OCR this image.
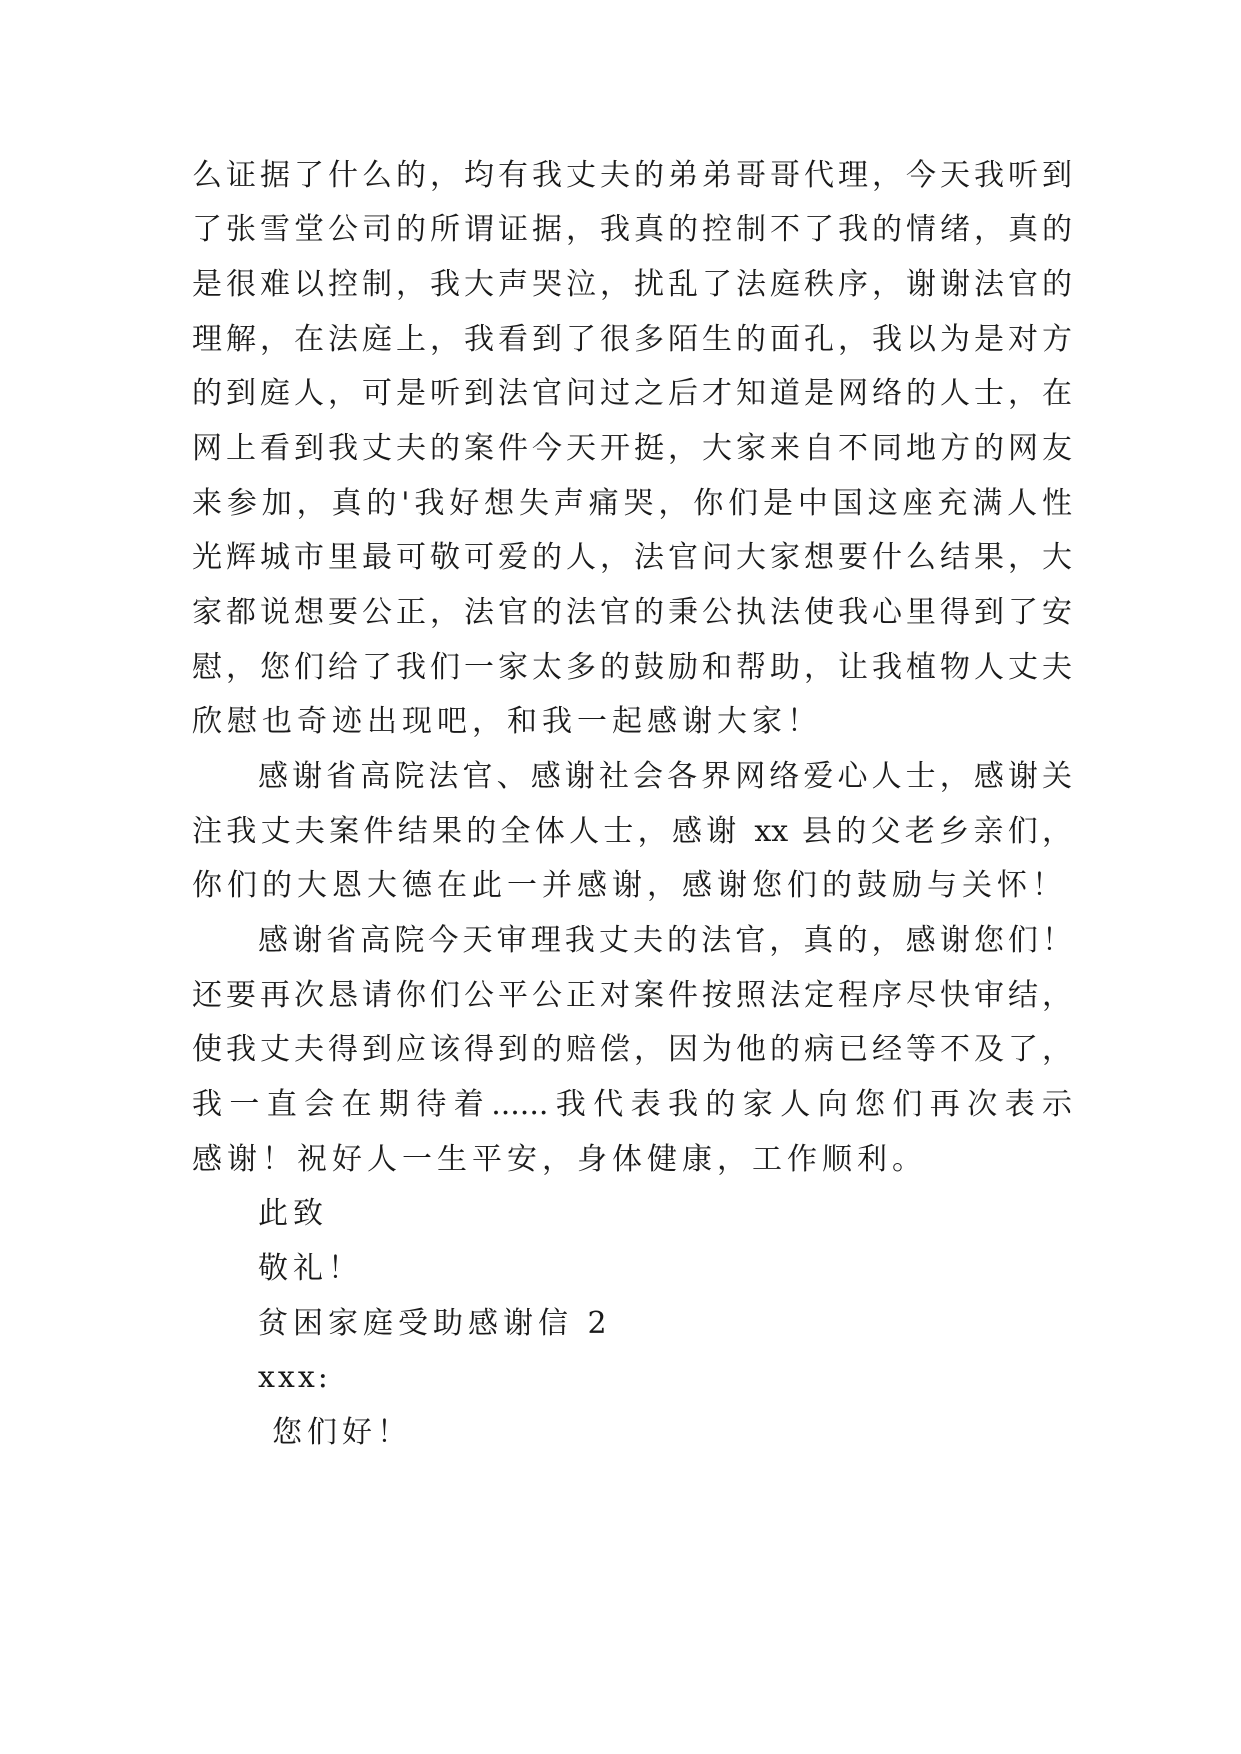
么证据了什么的，均有我丈夫的弟弟哥哥代理，今天我听到
了张雪堂公司的所谓证据，我真的控制不了我的情绪，真的
是很难以控制，我大声哭泣，扰乱了法庭秩序，谢谢法官的
理解，在法庭上，我看到了很多陌生的面孔，我以为是对方
的到庭人，可是听到法官问过之后才知道是网络的人士，在
网上看到我丈夫的案件今天开挺，大家来自不同地方的网友
来参加，真的'我好想失声痛哭，你们是中国这座充满人性
光辉城市里最可敬可爱的人，法官问大家想要什么结果，大
家都说想要公正，法官的法官的秉公执法使我心里得到了安
慰，您们给了我们一家太多的鼓励和帮助，让我植物人丈夫
欣慰也奇迹出现吧，和我一起感谢大家！
感谢省高院法官、感谢社会各界网络爱心人士，感谢关
注我丈夫案件结果的全体人士，感谢 xx 县的父老乡亲们，
你们的大恩大德在此一并感谢，感谢您们的鼓励与关怀！
感谢省高院今天审理我丈夫的法官，真的，感谢您们！
还要再次恳请你们公平公正对案件按照法定程序尽快审结，
使我丈夫得到应该得到的赔偿，因为他的病已经等不及了，
我一直会在期待着......我代表我的家人向您们再次表示
感谢！祝好人一生平安，身体健康，工作顺利。
此致
敬礼！
贫困家庭受助感谢信 2
xxx:
您们好！
